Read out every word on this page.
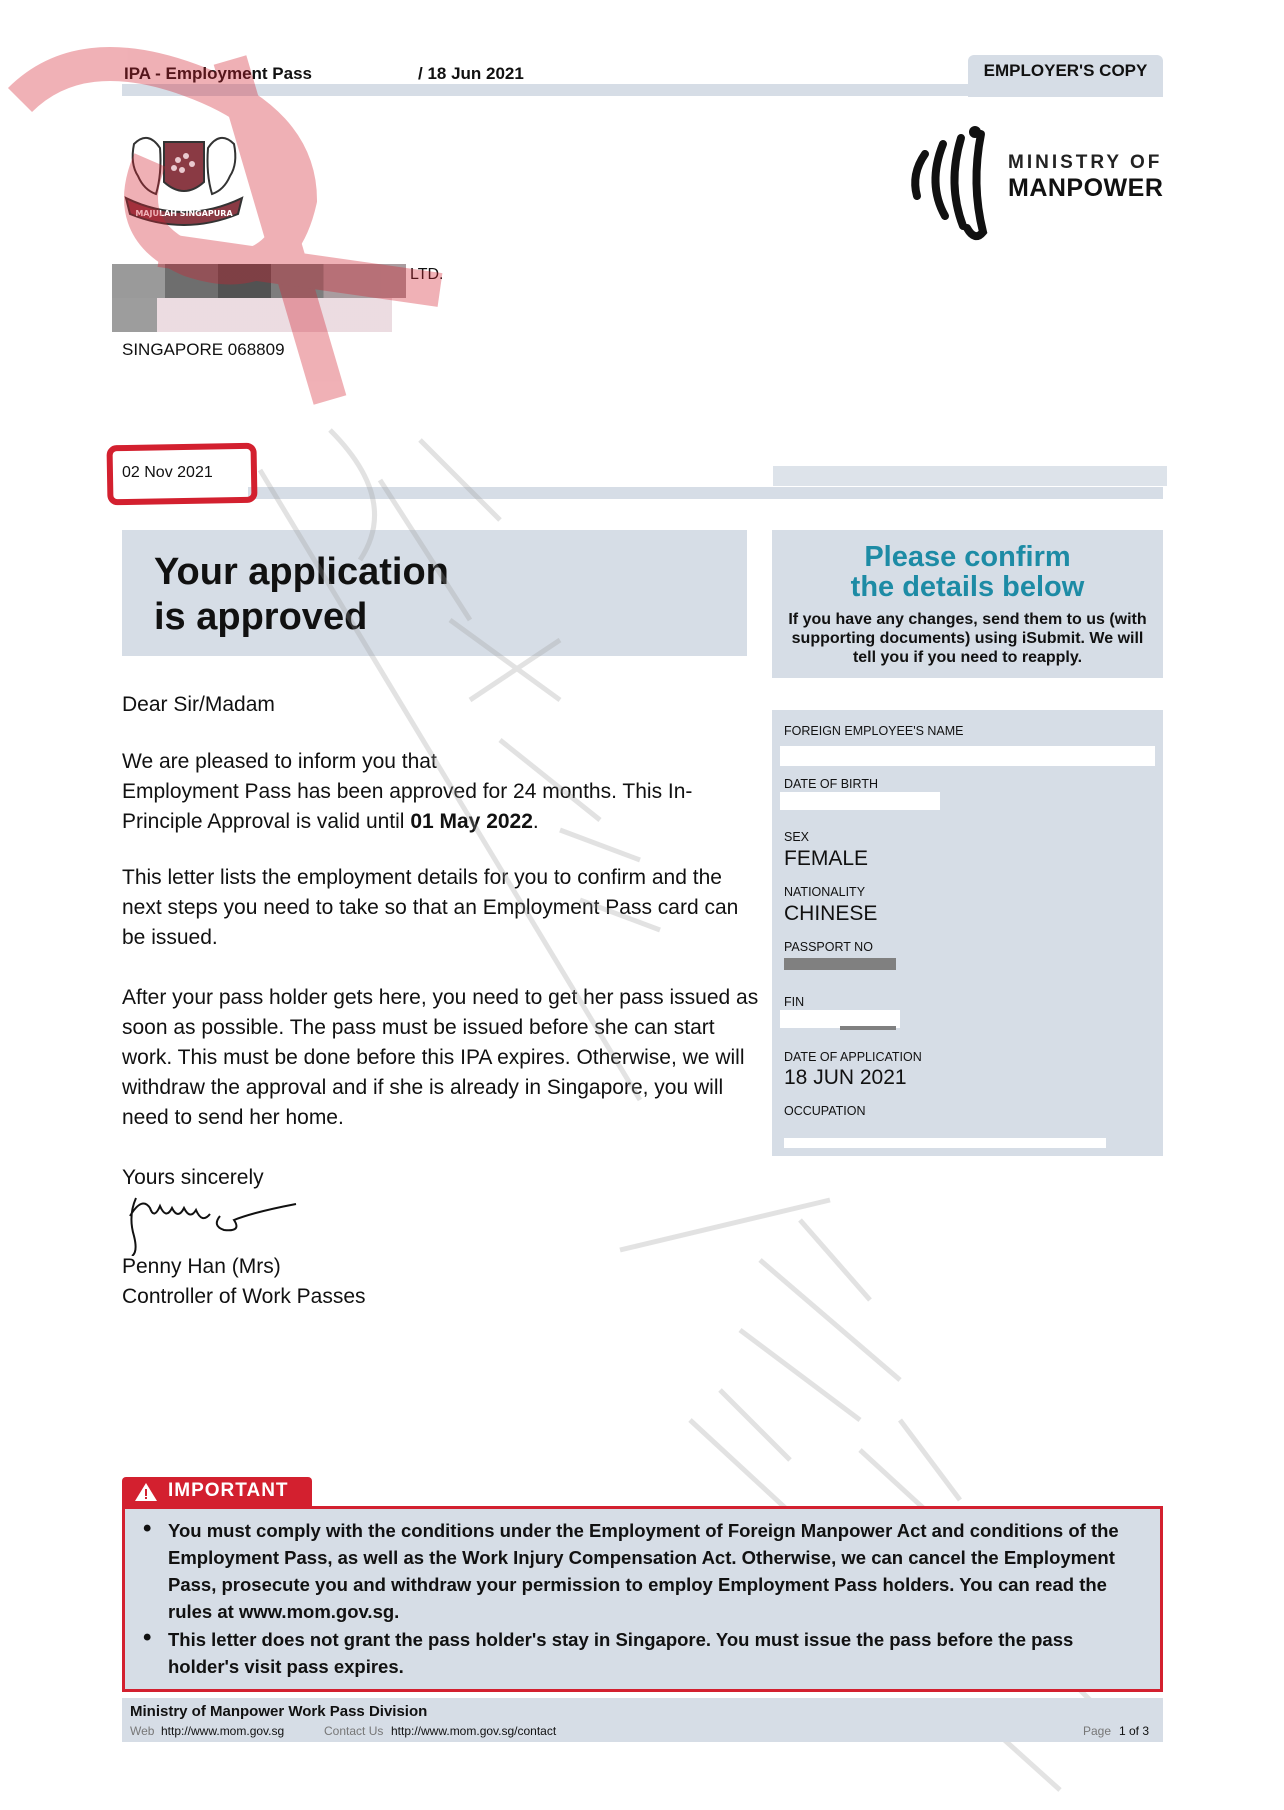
IPA - Employment Pass	/ 18 Jun 2021	EMPLOYER'S COPY
MAJULAH SINGAPURA
MINISTRY OF
MANPOWER
LTD.
SINGAPORE 068809
02 Nov 2021
Your application
is approved
Dear Sir/Madam
We are pleased to inform you that
Employment Pass has been approved for 24 months. This In-Principle Approval is valid until 01 May 2022.
This letter lists the employment details for you to confirm and the next steps you need to take so that an Employment Pass card can be issued.
After your pass holder gets here, you need to get her pass issued as soon as possible. The pass must be issued before she can start work. This must be done before this IPA expires. Otherwise, we will withdraw the approval and if she is already in Singapore, you will need to send her home.
Yours sincerely
Penny Han (Mrs)
Controller of Work Passes
Please confirm
the details below
If you have any changes, send them to us (with supporting documents) using iSubmit. We will tell you if you need to reapply.
FOREIGN EMPLOYEE'S NAME
DATE OF BIRTH
SEX
FEMALE
NATIONALITY
CHINESE
PASSPORT NO
FIN
DATE OF APPLICATION
18 JUN 2021
OCCUPATION
IMPORTANT
• You must comply with the conditions under the Employment of Foreign Manpower Act and conditions of the Employment Pass, as well as the Work Injury Compensation Act. Otherwise, we can cancel the Employment Pass, prosecute you and withdraw your permission to employ Employment Pass holders. You can read the rules at www.mom.gov.sg.
• This letter does not grant the pass holder's stay in Singapore. You must issue the pass before the pass holder's visit pass expires.
Ministry of Manpower Work Pass Division
Web http://www.mom.gov.sg	Contact Us http://www.mom.gov.sg/contact	Page 1 of 3
